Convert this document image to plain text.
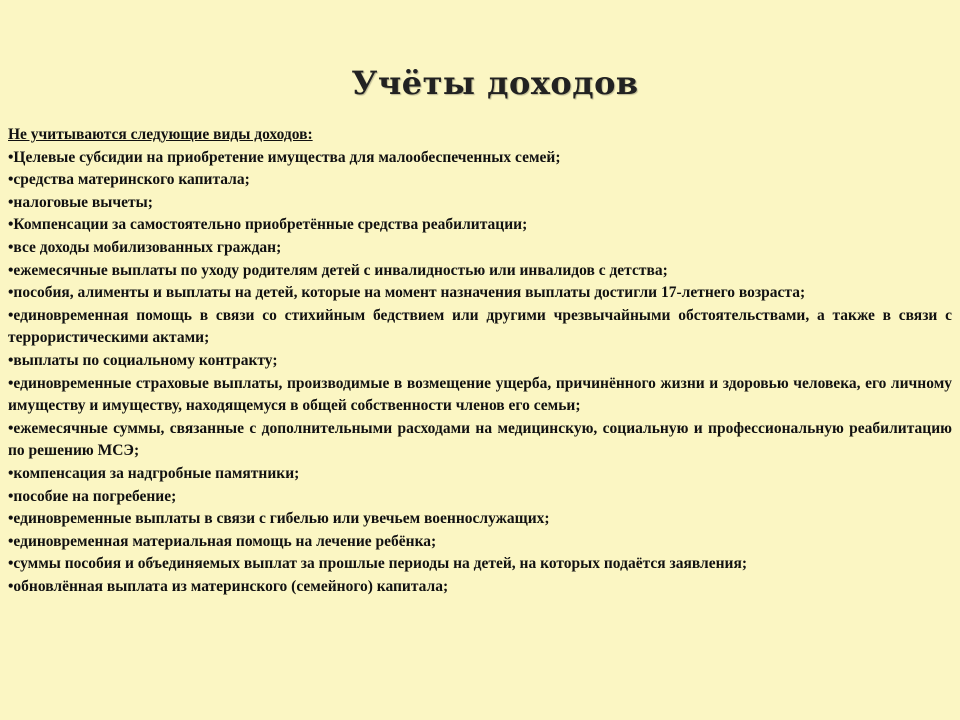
Учёты доходов
Не учитываются следующие виды доходов:
•Целевые субсидии на приобретение имущества для малообеспеченных семей;
•средства материнского капитала;
•налоговые вычеты;
•Компенсации за самостоятельно приобретённые средства реабилитации;
•все доходы мобилизованных граждан;
•ежемесячные выплаты по уходу родителям детей с инвалидностью или инвалидов с детства;
•пособия, алименты и выплаты на детей, которые на момент назначения выплаты достигли 17-летнего возраста;
•единовременная помощь в связи со стихийным бедствием или другими чрезвычайными обстоятельствами, а также в связи с террористическими актами;
•выплаты по социальному контракту;
•единовременные страховые выплаты, производимые в возмещение ущерба, причинённого жизни и здоровью человека, его личному имуществу и имуществу, находящемуся в общей собственности членов его семьи;
•ежемесячные суммы, связанные с дополнительными расходами на медицинскую, социальную и профессиональную реабилитацию по решению МСЭ;
•компенсация за надгробные памятники;
•пособие на погребение;
•единовременные выплаты в связи с гибелью или увечьем военнослужащих;
•единовременная материальная помощь на лечение ребёнка;
•суммы пособия и объединяемых выплат за прошлые периоды на детей, на которых подаётся заявления;
•обновлённая выплата из материнского (семейного) капитала;
